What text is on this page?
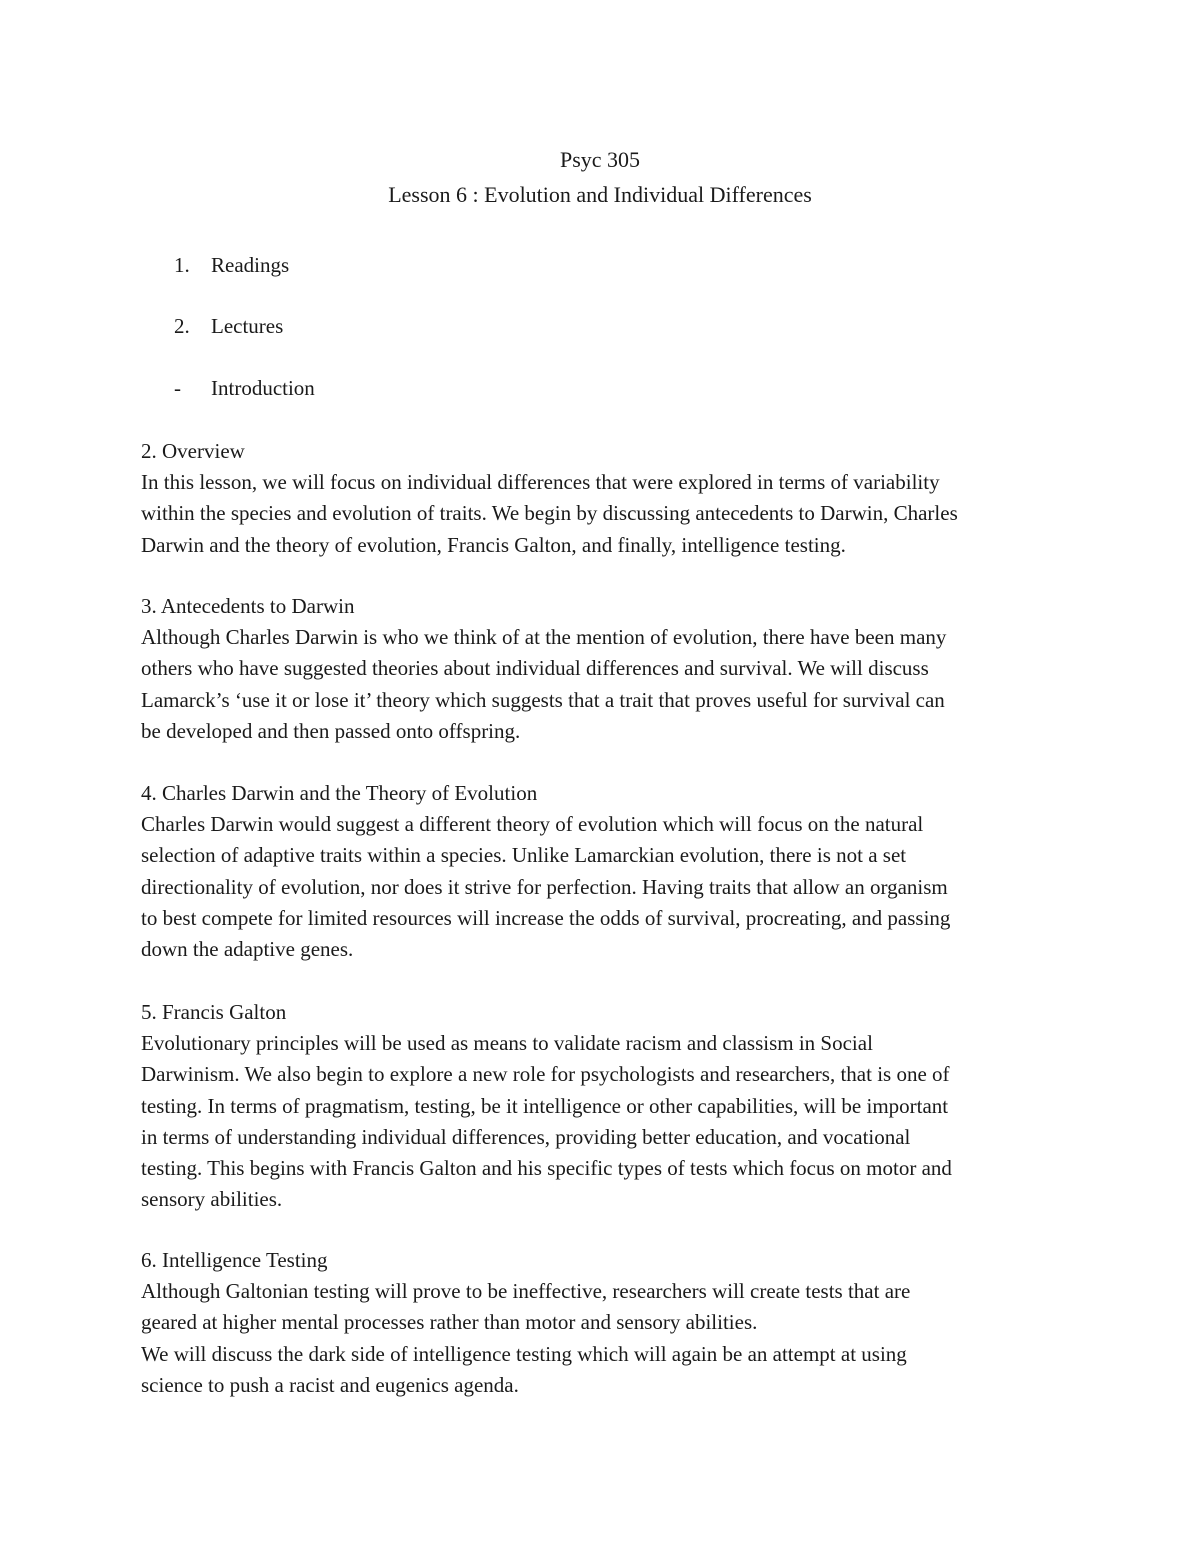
Psyc 305
Lesson 6 : Evolution and Individual Differences
1.	Readings
2.	Lectures
-	Introduction
2. Overview

In this lesson, we will focus on individual differences that were explored in terms of variability
within the species and evolution of traits. We begin by discussing antecedents to Darwin, Charles
Darwin and the theory of evolution, Francis Galton, and finally, intelligence testing.

3. Antecedents to Darwin

Although Charles Darwin is who we think of at the mention of evolution, there have been many
others who have suggested theories about individual differences and survival. We will discuss
Lamarck’s ‘use it or lose it’ theory which suggests that a trait that proves useful for survival can
be developed and then passed onto offspring.

4. Charles Darwin and the Theory of Evolution

Charles Darwin would suggest a different theory of evolution which will focus on the natural
selection of adaptive traits within a species. Unlike Lamarckian evolution, there is not a set
directionality of evolution, nor does it strive for perfection. Having traits that allow an organism
to best compete for limited resources will increase the odds of survival, procreating, and passing
down the adaptive genes.

5. Francis Galton

Evolutionary principles will be used as means to validate racism and classism in Social
Darwinism. We also begin to explore a new role for psychologists and researchers, that is one of
testing. In terms of pragmatism, testing, be it intelligence or other capabilities, will be important
in terms of understanding individual differences, providing better education, and vocational
testing. This begins with Francis Galton and his specific types of tests which focus on motor and
sensory abilities.

6. Intelligence Testing

Although Galtonian testing will prove to be ineffective, researchers will create tests that are
geared at higher mental processes rather than motor and sensory abilities.
We will discuss the dark side of intelligence testing which will again be an attempt at using
science to push a racist and eugenics agenda.
